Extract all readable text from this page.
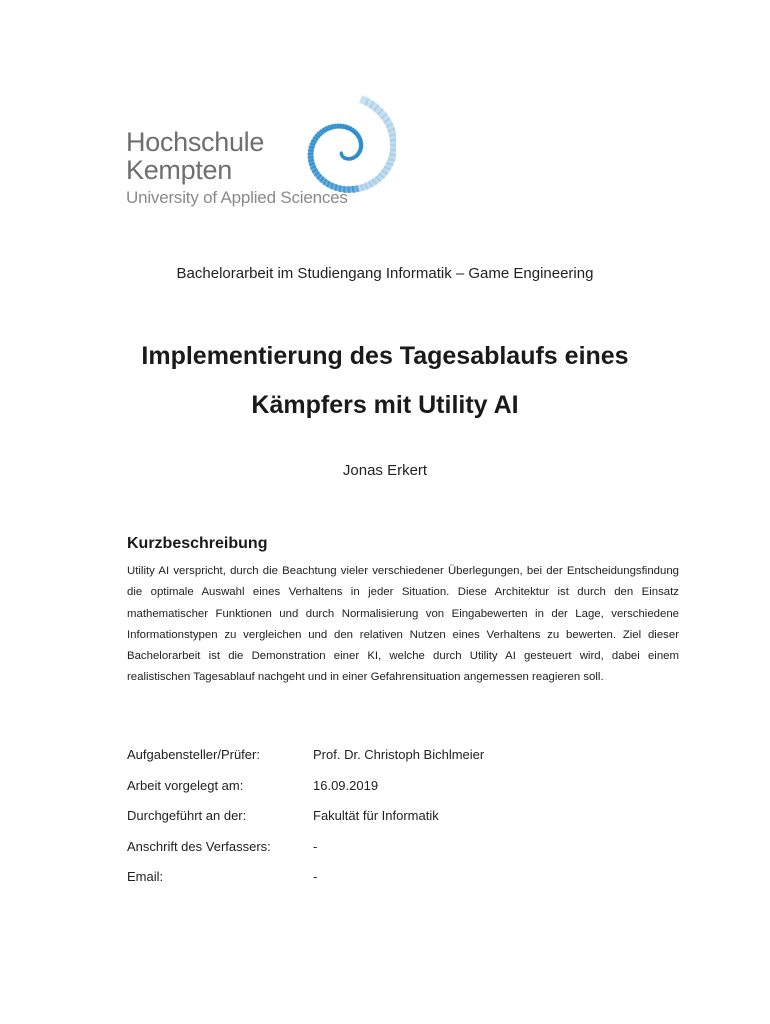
Hochschule
Kempten
University of Applied Sciences
Bachelorarbeit im Studiengang Informatik – Game Engineering
Implementierung des Tagesablaufs eines
Kämpfers mit Utility AI
Jonas Erkert
Kurzbeschreibung
Utility AI verspricht, durch die Beachtung vieler verschiedener Überlegungen, bei der Entscheidungsfindung die optimale Auswahl eines Verhaltens in jeder Situation. Diese Architektur ist durch den Einsatz mathematischer Funktionen und durch Normalisierung von Eingabewerten in der Lage, verschiedene Informationstypen zu vergleichen und den relativen Nutzen eines Verhaltens zu bewerten. Ziel dieser Bachelorarbeit ist die Demonstration einer KI, welche durch Utility AI gesteuert wird, dabei einem realistischen Tagesablauf nachgeht und in einer Gefahrensituation angemessen reagieren soll.
Aufgabensteller/Prüfer:	Prof. Dr. Christoph Bichlmeier
Arbeit vorgelegt am:	16.09.2019
Durchgeführt an der:	Fakultät für Informatik
Anschrift des Verfassers:	-
Email:	-
